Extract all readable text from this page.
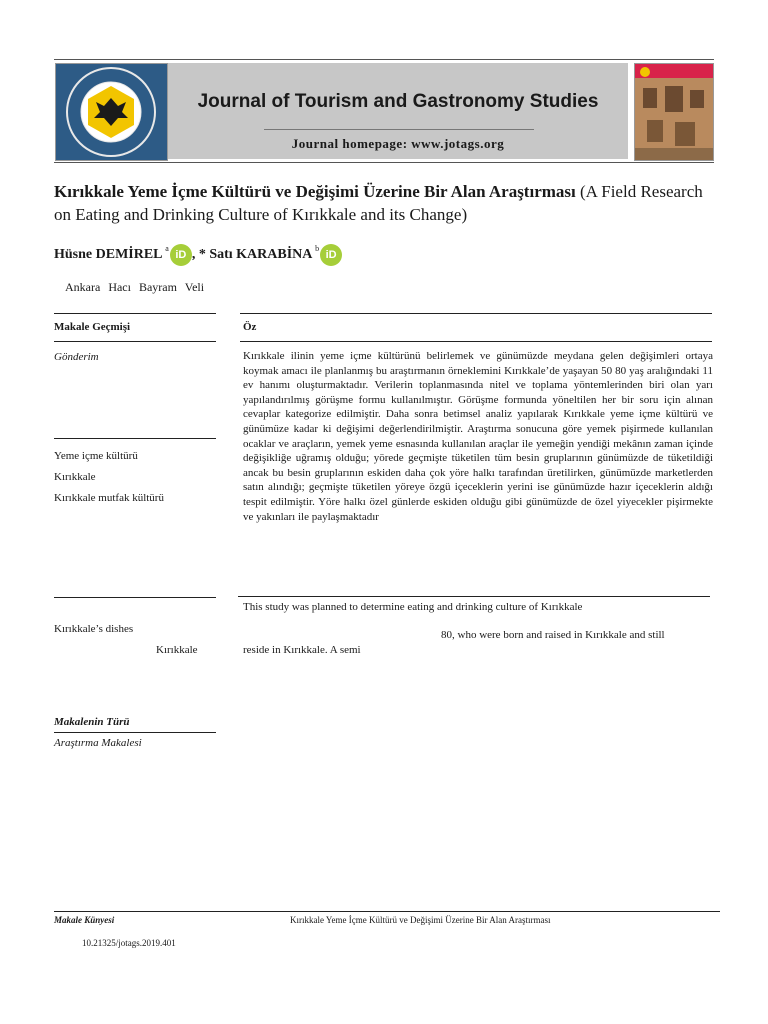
Journal of Tourism and Gastronomy Studies
Journal homepage: www.jotags.org
Kırıkkale Yeme İçme Kültürü ve Değişimi Üzerine Bir Alan Araştırması (A Field Research on Eating and Drinking Culture of Kırıkkale and its Change)
Hüsne DEMİREL $^a$iD , * Satı KARABİNA $^b$iD
Ankara Hacı Bayram Veli
Makale Geçmişi
Gönderim
Yeme içme kültürü
Kırıkkale
Kırıkkale mutfak kültürü
Kırıkkale’s dishes
Kırıkkale
Makalenin Türü
Araştırma Makalesi
Öz
Kırıkkale ilinin yeme içme kültürünü belirlemek ve günümüzde meydana gelen değişimleri ortaya koymak amacı ile planlanmış bu araştırmanın örneklemini Kırıkkale’de yaşayan 50 80 yaş aralığındaki 11 ev hanımı oluşturmaktadır. Verilerin toplanmasında nitel ve toplama yöntemlerinden biri olan yarı yapılandırılmış görüşme formu kullanılmıştır. Görüşme formunda yöneltilen her bir soru için alınan cevaplar kategorize edilmiştir. Daha sonra betimsel analiz yapılarak Kırıkkale yeme içme kültürü ve günümüze kadar ki değişimi değerlendirilmiştir. Araştırma sonucuna göre yemek pişirmede kullanılan ocaklar ve araçların, yemek yeme esnasında kullanılan araçlar ile yemeğin yendiği mekânın zaman içinde değişikliğe uğramış olduğu; yörede geçmişte tüketilen tüm besin gruplarının günümüzde de tüketildiği ancak bu besin gruplarının eskiden daha çok yöre halkı tarafından üretilirken, günümüzde marketlerden satın alındığı; geçmişte tüketilen yöreye özgü içeceklerin yerini ise günümüzde hazır içeceklerin aldığı tespit edilmiştir. Yöre halkı özel günlerde eskiden olduğu gibi günümüzde de özel yiyecekler pişirmekte ve yakınları ile paylaşmaktadır
This study was planned to determine eating and drinking culture of Kırıkkale
80, who were born and raised in Kırıkkale and still
reside in Kırıkkale. A semi
Makale Künyesi	Kırıkkale Yeme İçme Kültürü ve Değişimi Üzerine Bir Alan Araştırması
10.21325/jotags.2019.401
